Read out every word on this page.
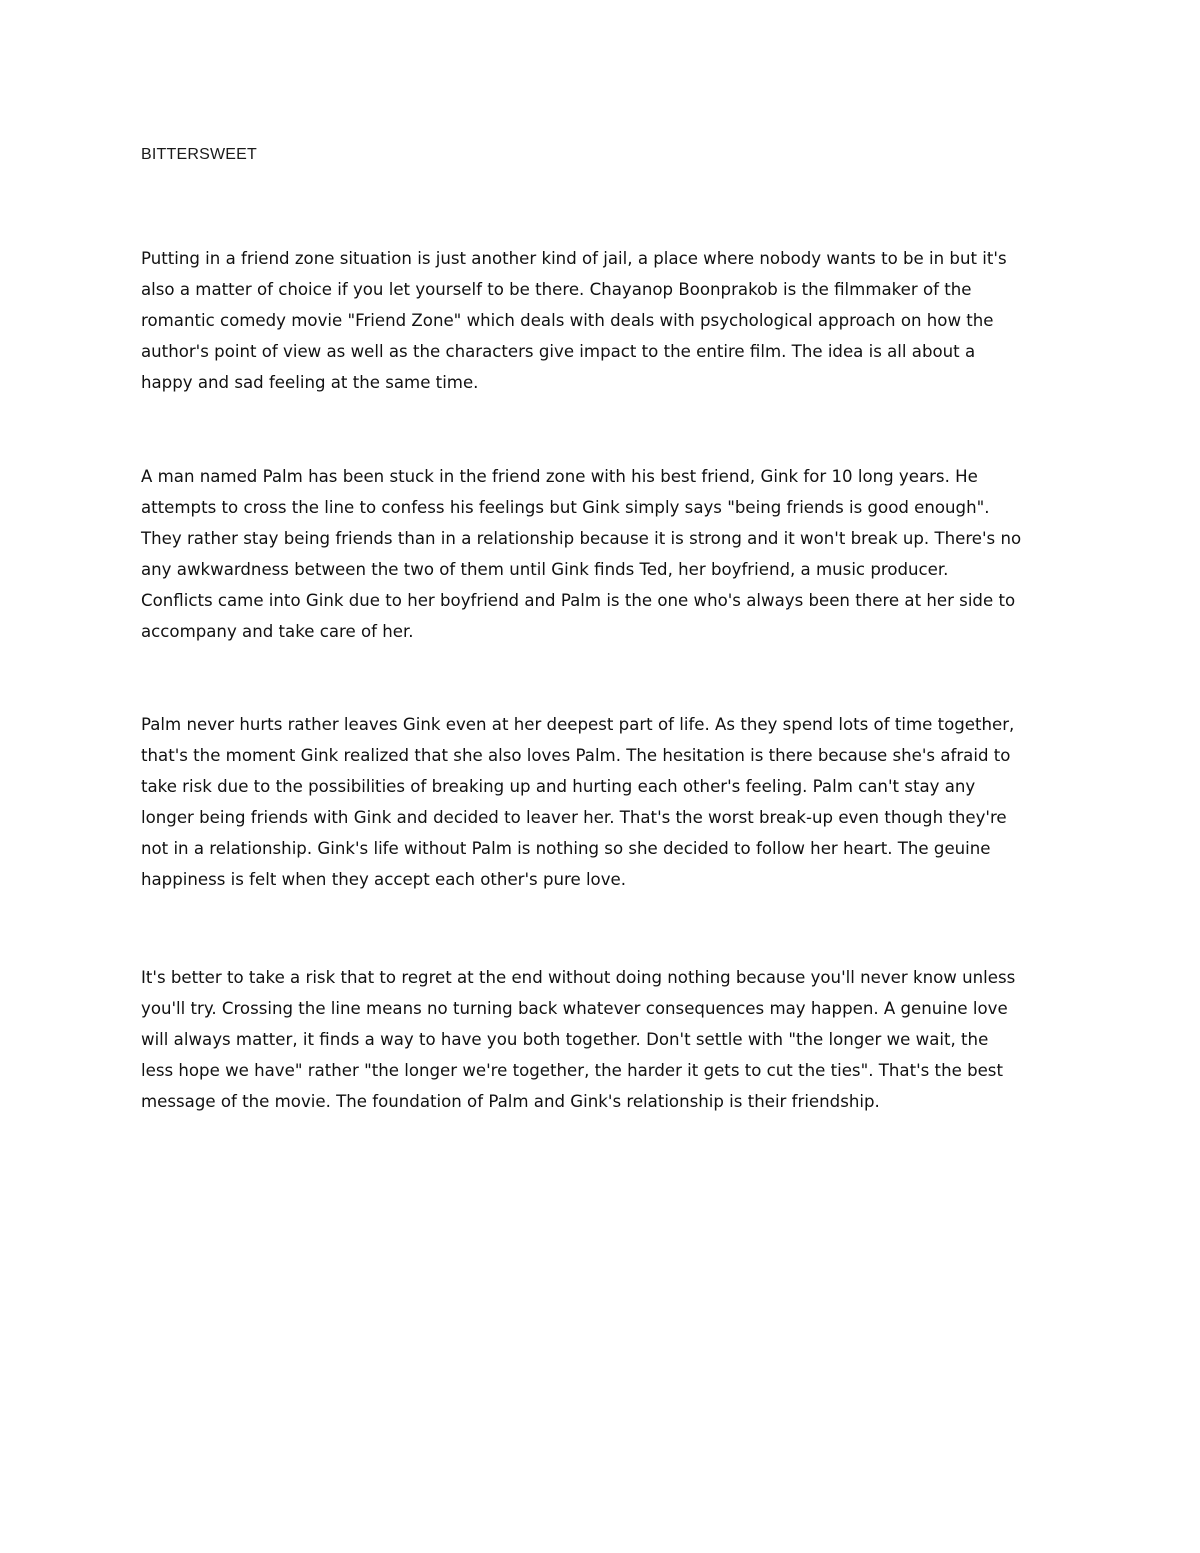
BITTERSWEET

Putting in a friend zone situation is just another kind of jail, a place where nobody wants to be in but it's
also a matter of choice if you let yourself to be there. Chayanop Boonprakob is the filmmaker of the
romantic comedy movie "Friend Zone" which deals with deals with psychological approach on how the
author's point of view as well as the characters give impact to the entire film. The idea is all about a
happy and sad feeling at the same time.

A man named Palm has been stuck in the friend zone with his best friend, Gink for 10 long years. He
attempts to cross the line to confess his feelings but Gink simply says "being friends is good enough".
They rather stay being friends than in a relationship because it is strong and it won't break up. There's no
any awkwardness between the two of them until Gink finds Ted, her boyfriend, a music producer.
Conflicts came into Gink due to her boyfriend and Palm is the one who's always been there at her side to
accompany and take care of her.

Palm never hurts rather leaves Gink even at her deepest part of life. As they spend lots of time together,
that's the moment Gink realized that she also loves Palm. The hesitation is there because she's afraid to
take risk due to the possibilities of breaking up and hurting each other's feeling. Palm can't stay any
longer being friends with Gink and decided to leaver her. That's the worst break-up even though they're
not in a relationship. Gink's life without Palm is nothing so she decided to follow her heart. The geuine
happiness is felt when they accept each other's pure love.

It's better to take a risk that to regret at the end without doing nothing because you'll never know unless
you'll try. Crossing the line means no turning back whatever consequences may happen. A genuine love
will always matter, it finds a way to have you both together. Don't settle with "the longer we wait, the
less hope we have" rather "the longer we're together, the harder it gets to cut the ties". That's the best
message of the movie. The foundation of Palm and Gink's relationship is their friendship.
